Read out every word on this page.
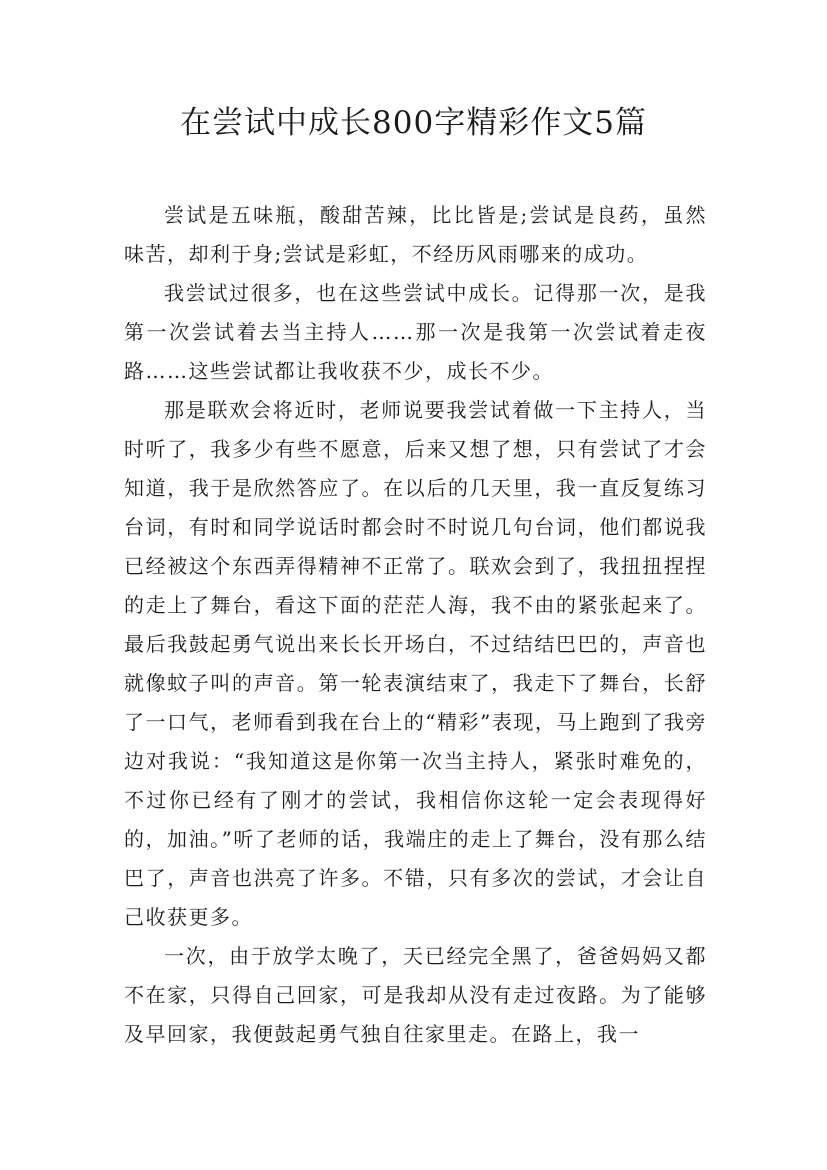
在尝试中成长800字精彩作文5篇

尝试是五味瓶，酸甜苦辣，比比皆是;尝试是良药，虽然味苦，却利于身;尝试是彩虹，不经历风雨哪来的成功。

我尝试过很多，也在这些尝试中成长。记得那一次，是我第一次尝试着去当主持人……那一次是我第一次尝试着走夜路……这些尝试都让我收获不少，成长不少。

那是联欢会将近时，老师说要我尝试着做一下主持人，当时听了，我多少有些不愿意，后来又想了想，只有尝试了才会知道，我于是欣然答应了。在以后的几天里，我一直反复练习台词，有时和同学说话时都会时不时说几句台词，他们都说我已经被这个东西弄得精神不正常了。联欢会到了，我扭扭捏捏的走上了舞台，看这下面的茫茫人海，我不由的紧张起来了。最后我鼓起勇气说出来长长开场白，不过结结巴巴的，声音也就像蚊子叫的声音。第一轮表演结束了，我走下了舞台，长舒了一口气，老师看到我在台上的“精彩”表现，马上跑到了我旁边对我说：“我知道这是你第一次当主持人，紧张时难免的，不过你已经有了刚才的尝试，我相信你这轮一定会表现得好的，加油。”听了老师的话，我端庄的走上了舞台，没有那么结巴了，声音也洪亮了许多。不错，只有多次的尝试，才会让自己收获更多。

一次，由于放学太晚了，天已经完全黑了，爸爸妈妈又都不在家，只得自己回家，可是我却从没有走过夜路。为了能够及早回家，我便鼓起勇气独自往家里走。在路上，我一
